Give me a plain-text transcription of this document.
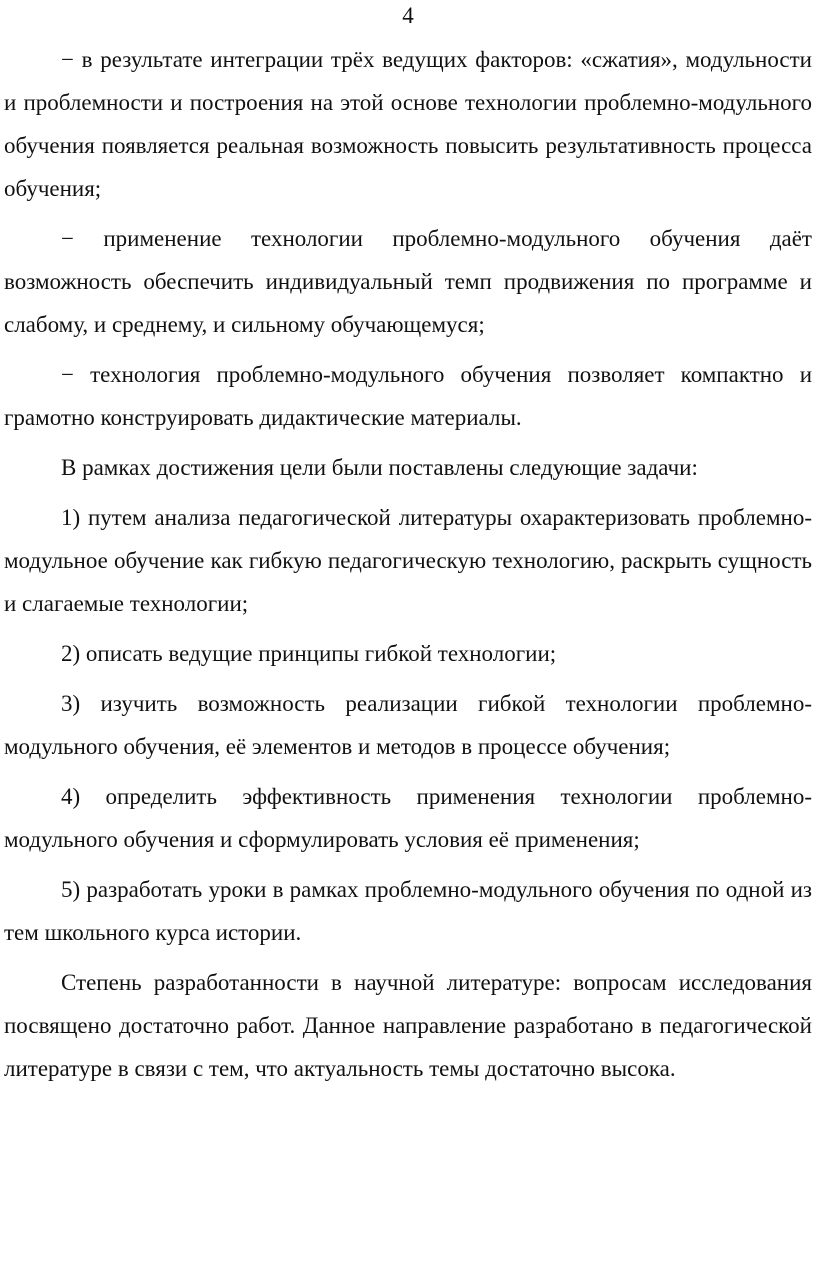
4

− в результате интеграции трёх ведущих факторов: «сжатия», модульности и проблемности и построения на этой основе технологии проблемно-модульного обучения появляется реальная возможность повысить результативность процесса обучения;

− применение технологии проблемно-модульного обучения даёт возможность обеспечить индивидуальный темп продвижения по программе и слабому, и среднему, и сильному обучающемуся;

− технология проблемно-модульного обучения позволяет компактно и грамотно конструировать дидактические материалы.

В рамках достижения цели были поставлены следующие задачи:

1) путем анализа педагогической литературы охарактеризовать проблемно-модульное обучение как гибкую педагогическую технологию, раскрыть сущность и слагаемые технологии;

2) описать ведущие принципы гибкой технологии;

3) изучить возможность реализации гибкой технологии проблемно-модульного обучения, её элементов и методов в процессе обучения;

4) определить эффективность применения технологии проблемно-модульного обучения и сформулировать условия её применения;

5) разработать уроки в рамках проблемно-модульного обучения по одной из тем школьного курса истории.

Степень разработанности в научной литературе: вопросам исследования посвящено достаточно работ. Данное направление разработано в педагогической литературе в связи с тем, что актуальность темы достаточно высока.
